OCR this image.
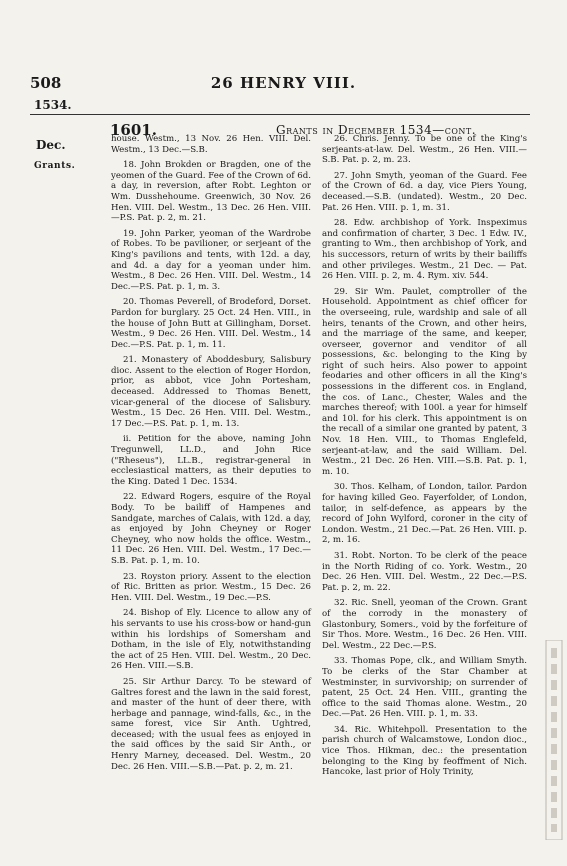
508	26 HENRY VIII.
1534.
1601.	Grants in December 1534—cont.
Dec.
Grants.

house. Westm., 13 Nov. 26 Hen. VIII. Del. Westm., 13 Dec.—S.B.

18. John Brokden or Bragden, one of the yeomen of the Guard. Fee of the Crown of 6d. a day, in reversion, after Robt. Leghton or Wm. Dusshehoume. Greenwich, 30 Nov. 26 Hen. VIII. Del. Westm., 13 Dec. 26 Hen. VIII.—P.S. Pat. p. 2, m. 21.

19. John Parker, yeoman of the Wardrobe of Robes. To be pavilioner, or serjeant of the King's pavilions and tents, with 12d. a day, and 4d. a day for a yeoman under him. Westm., 8 Dec. 26 Hen. VIII. Del. Westm., 14 Dec.—P.S. Pat. p. 1, m. 3.

20. Thomas Peverell, of Brodeford, Dorset. Pardon for burglary. 25 Oct. 24 Hen. VIII., in the house of John Butt at Gillingham, Dorset. Westm., 9 Dec. 26 Hen. VIII. Del. Westm., 14 Dec.—P.S. Pat. p. 1, m. 11.

21. Monastery of Aboddesbury, Salisbury dioc. Assent to the election of Roger Hordon, prior, as abbot, vice John Portesham, deceased. Addressed to Thomas Benett, vicar-general of the diocese of Salisbury. Westm., 15 Dec. 26 Hen. VIII. Del. Westm., 17 Dec.—P.S. Pat. p. 1, m. 13.

ii. Petition for the above, naming John Tregunwell, LL.D., and John Rice ("Rheseus"), LL.B., registrar-general in ecclesiastical matters, as their deputies to the King. Dated 1 Dec. 1534.

22. Edward Rogers, esquire of the Royal Body. To be bailiff of Hampenes and Sandgate, marches of Calais, with 12d. a day, as enjoyed by John Cheyney or Roger Cheyney, who now holds the office. Westm., 11 Dec. 26 Hen. VIII. Del. Westm., 17 Dec.—S.B. Pat. p. 1, m. 10.

23. Royston priory. Assent to the election of Ric. Britten as prior. Westm., 15 Dec. 26 Hen. VIII. Del. Westm., 19 Dec.—P.S.

24. Bishop of Ely. Licence to allow any of his servants to use his cross-bow or hand-gun within his lordships of Somersham and Dotham, in the isle of Ely, notwithstanding the act of 25 Hen. VIII. Del. Westm., 20 Dec. 26 Hen. VIII.—S.B.

25. Sir Arthur Darcy. To be steward of Galtres forest and the lawn in the said forest, and master of the hunt of deer there, with herbage and pannage, wind-falls, &c., in the same forest, vice Sir Anth. Ughtred, deceased; with the usual fees as enjoyed in the said offices by the said Sir Anth., or Henry Marney, deceased. Del. Westm., 20 Dec. 26 Hen. VIII.—S.B.—Pat. p. 2, m. 21.

26. Chris. Jenny. To be one of the King's serjeants-at-law. Del. Westm., 26 Hen. VIII.—S.B. Pat. p. 2, m. 23.

27. John Smyth, yeoman of the Guard. Fee of the Crown of 6d. a day, vice Piers Young, deceased.—S.B. (undated). Westm., 20 Dec. Pat. 26 Hen. VIII. p. 1, m. 31.

28. Edw. archbishop of York. Inspeximus and confirmation of charter, 3 Dec. 1 Edw. IV., granting to Wm., then archbishop of York, and his successors, return of writs by their bailiffs and other privileges. Westm., 21 Dec. — Pat. 26 Hen. VIII. p. 2, m. 4. Rym. xiv. 544.

29. Sir Wm. Paulet, comptroller of the Household. Appointment as chief officer for the overseeing, rule, wardship and sale of all heirs, tenants of the Crown, and other heirs, and the marriage of the same, and keeper, overseer, governor and venditor of all possessions, &c. belonging to the King by right of such heirs. Also power to appoint feodaries and other officers in all the King's possessions in the different cos. in England, the cos. of Lanc., Chester, Wales and the marches thereof; with 100l. a year for himself and 10l. for his clerk. This appointment is on the recall of a similar one granted by patent, 3 Nov. 18 Hen. VIII., to Thomas Englefeld, serjeant-at-law, and the said William. Del. Westm., 21 Dec. 26 Hen. VIII.—S.B. Pat. p. 1, m. 10.

30. Thos. Kelham, of London, tailor. Pardon for having killed Geo. Fayerfolder, of London, tailor, in self-defence, as appears by the record of John Wylford, coroner in the city of London. Westm., 21 Dec.—Pat. 26 Hen. VIII. p. 2, m. 16.

31. Robt. Norton. To be clerk of the peace in the North Riding of co. York. Westm., 20 Dec. 26 Hen. VIII. Del. Westm., 22 Dec.—P.S. Pat. p. 2, m. 22.

32. Ric. Snell, yeoman of the Crown. Grant of the corrody in the monastery of Glastonbury, Somers., void by the forfeiture of Sir Thos. More. Westm., 16 Dec. 26 Hen. VIII. Del. Westm., 22 Dec.—P.S.

33. Thomas Pope, clk., and William Smyth. To be clerks of the Star Chamber at Westminster, in survivorship; on surrender of patent, 25 Oct. 24 Hen. VIII., granting the office to the said Thomas alone. Westm., 20 Dec.—Pat. 26 Hen. VIII. p. 1, m. 33.

34. Ric. Whitehpoll. Presentation to the parish church of Walcamstowe, London dioc., vice Thos. Hikman, dec.: the presentation belonging to the King by feoffment of Nich. Hancoke, last prior of Holy Trinity,
